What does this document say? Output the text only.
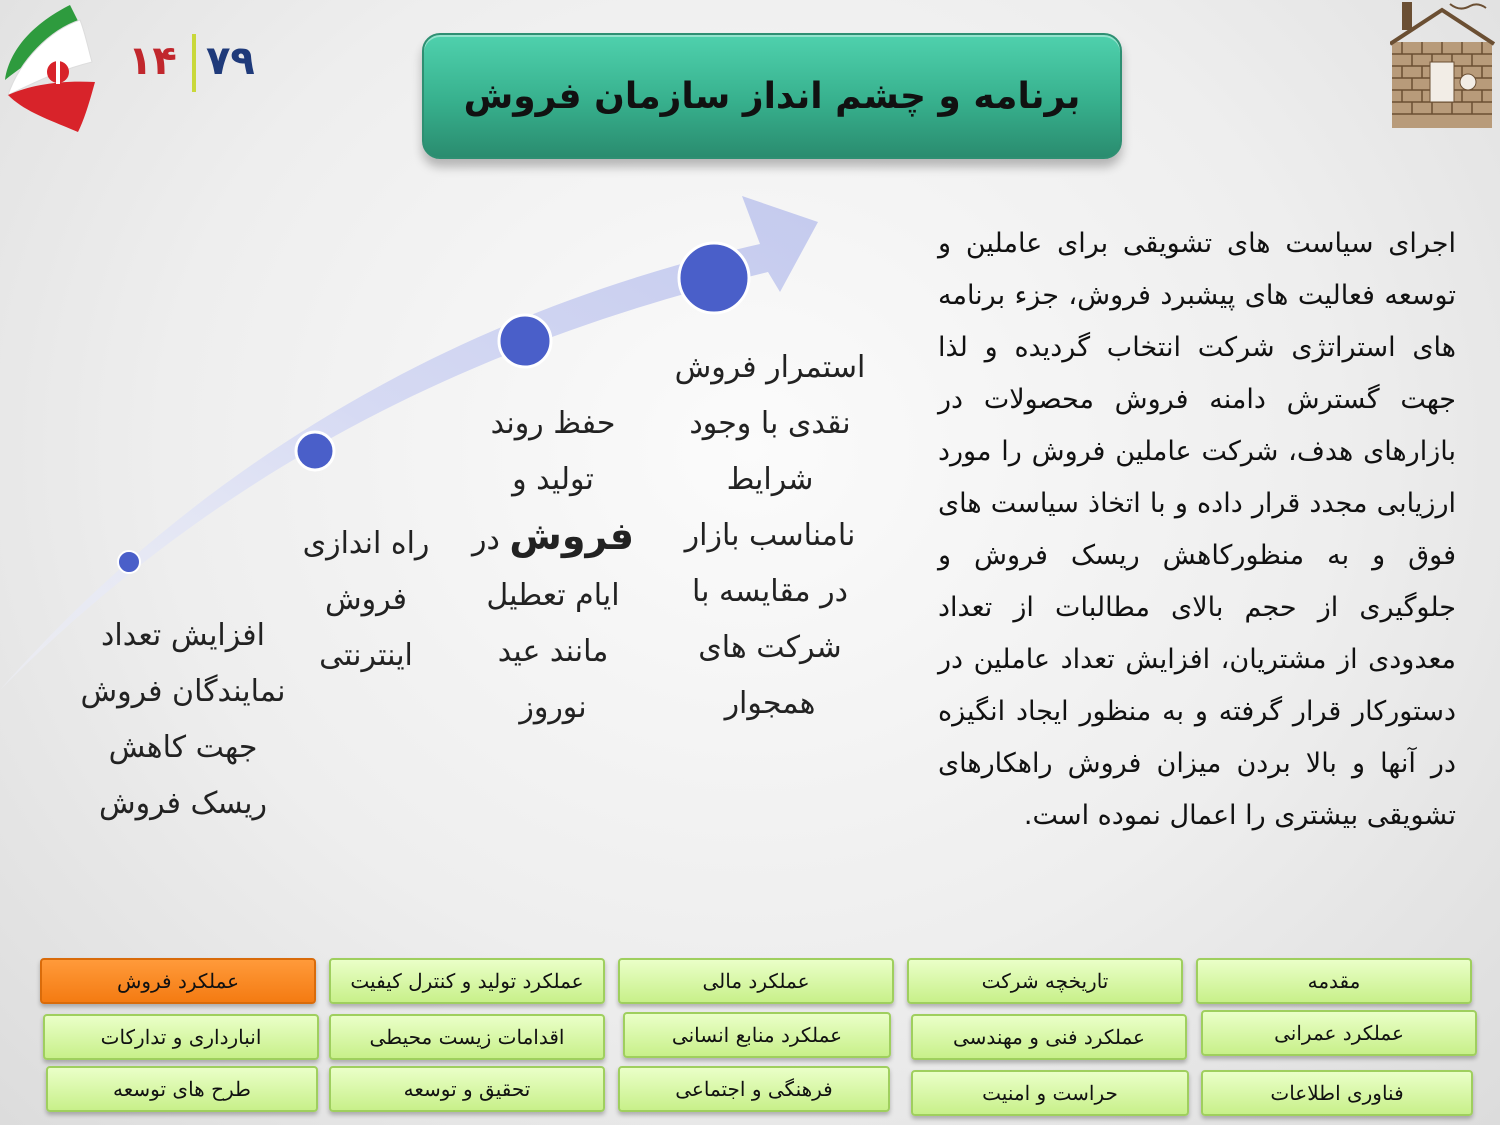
۱۴ ۷۹
برنامه و چشم انداز سازمان فروش
افزایش تعداد
نمایندگان فروش
جهت کاهش
ریسک فروش
راه اندازی
فروش
اینترنتی
حفظ روند
تولید و
فروش در
ایام تعطیل
مانند عید
نوروز
استمرار فروش
نقدی با وجود
شرایط
نامناسب بازار
در مقایسه با
شرکت های
همجوار
اجرای سیاست های تشویقی برای عاملین و توسعه فعالیت های پیشبرد فروش، جزء برنامه های استراتژی شرکت انتخاب گردیده و لذا جهت گسترش دامنه فروش محصولات در بازارهای هدف، شرکت عاملین فروش را مورد ارزیابی مجدد قرار داده و با اتخاذ سیاست های فوق و به منظورکاهش ریسک فروش و جلوگیری از حجم بالای مطالبات از تعداد معدودی از مشتریان، افزایش تعداد عاملین در دستورکار قرار گرفته و به منظور ایجاد انگیزه در آنها و بالا بردن میزان فروش راهکارهای تشویقی بیشتری را اعمال نموده است.
مقدمه
تاریخچه شرکت
عملکرد مالی
عملکرد تولید و کنترل کیفیت
عملکرد فروش
عملکرد عمرانی
عملکرد فنی و مهندسی
عملکرد منابع انسانی
اقدامات زیست محیطی
انبارداری و تدارکات
فناوری اطلاعات
حراست و امنیت
فرهنگی و اجتماعی
تحقیق و توسعه
طرح های توسعه
